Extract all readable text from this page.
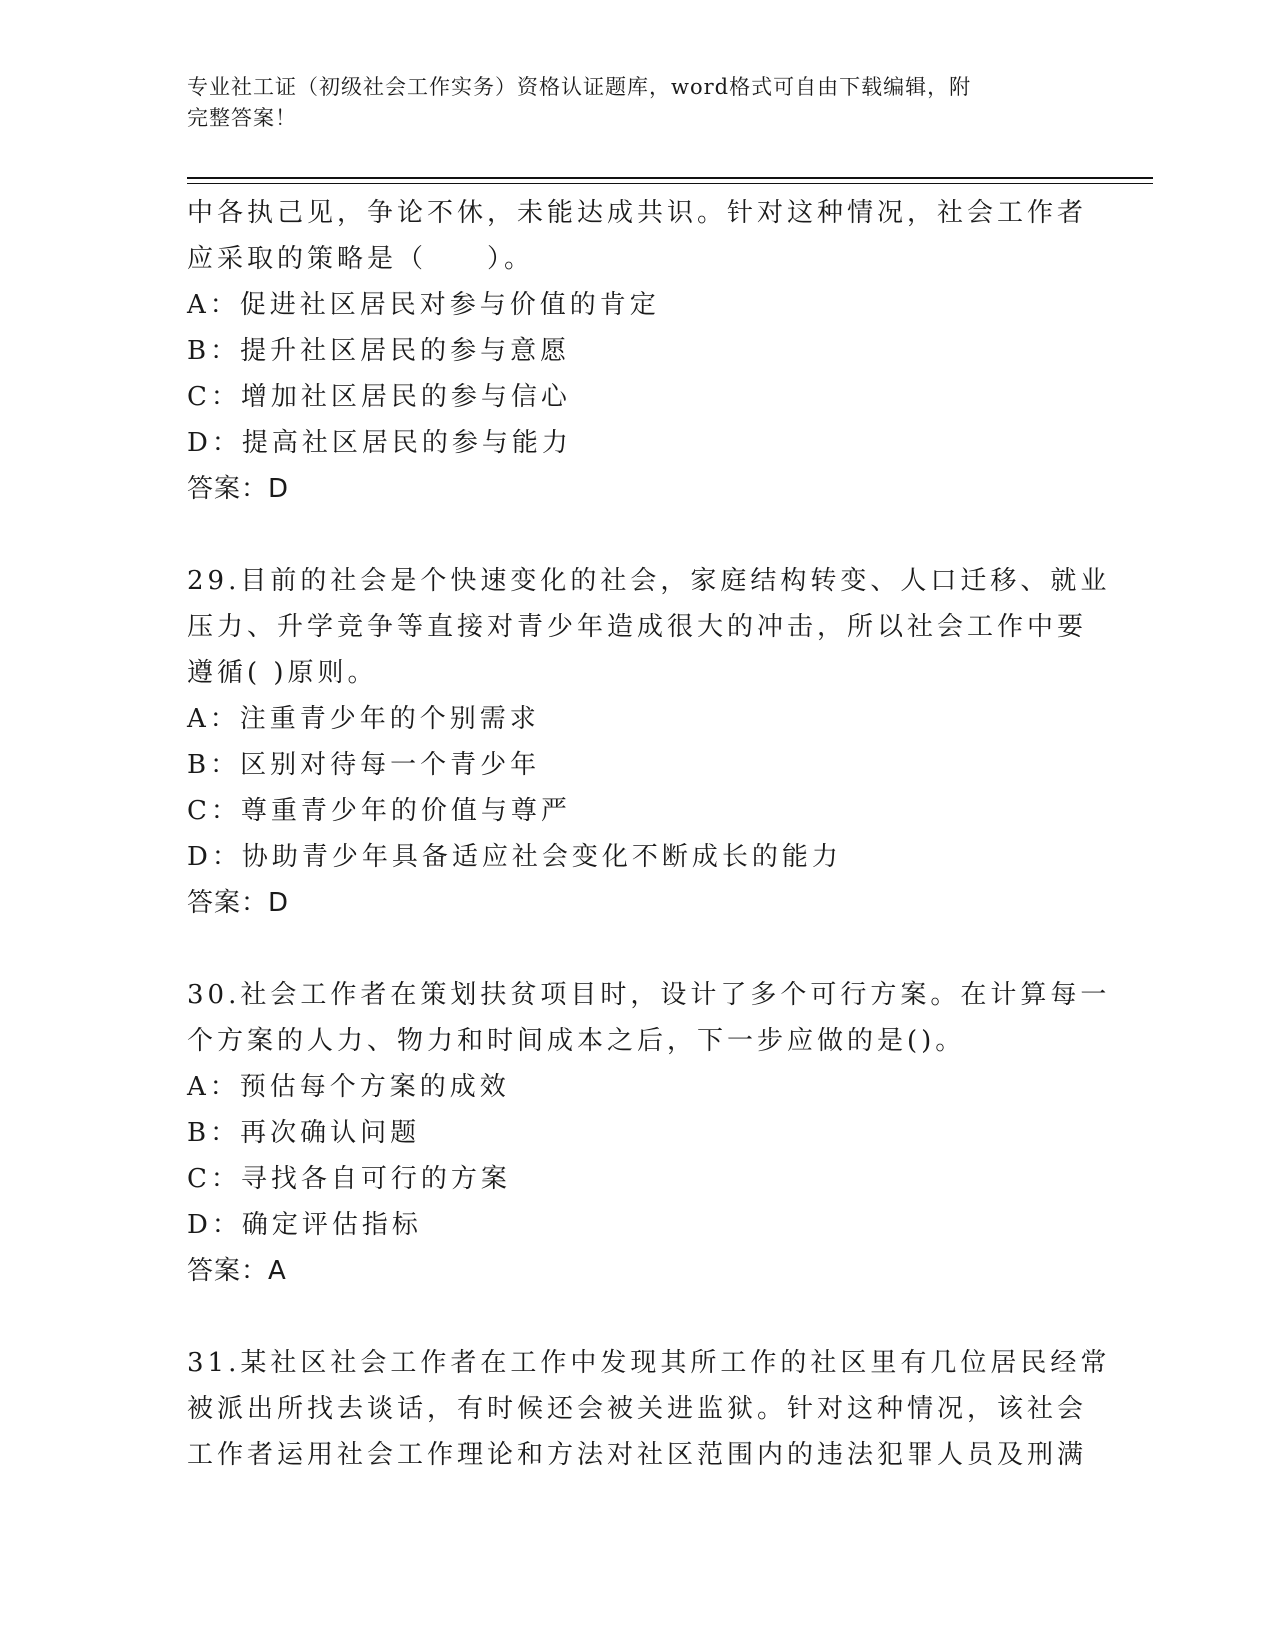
专业社工证（初级社会工作实务）资格认证题库，word格式可自由下载编辑，附
完整答案！
中各执己见，争论不休，未能达成共识。针对这种情况，社会工作者
应采取的策略是（　　）。
A：促进社区居民对参与价值的肯定
B：提升社区居民的参与意愿
C：增加社区居民的参与信心
D：提高社区居民的参与能力
答案：D
29.目前的社会是个快速变化的社会，家庭结构转变、人口迁移、就业
压力、升学竞争等直接对青少年造成很大的冲击，所以社会工作中要
遵循( )原则。
A：注重青少年的个别需求
B：区别对待每一个青少年
C：尊重青少年的价值与尊严
D：协助青少年具备适应社会变化不断成长的能力
答案：D
30.社会工作者在策划扶贫项目时，设计了多个可行方案。在计算每一
个方案的人力、物力和时间成本之后，下一步应做的是()。
A：预估每个方案的成效
B：再次确认问题
C：寻找各自可行的方案
D：确定评估指标
答案：A
31.某社区社会工作者在工作中发现其所工作的社区里有几位居民经常
被派出所找去谈话，有时候还会被关进监狱。针对这种情况，该社会
工作者运用社会工作理论和方法对社区范围内的违法犯罪人员及刑满
